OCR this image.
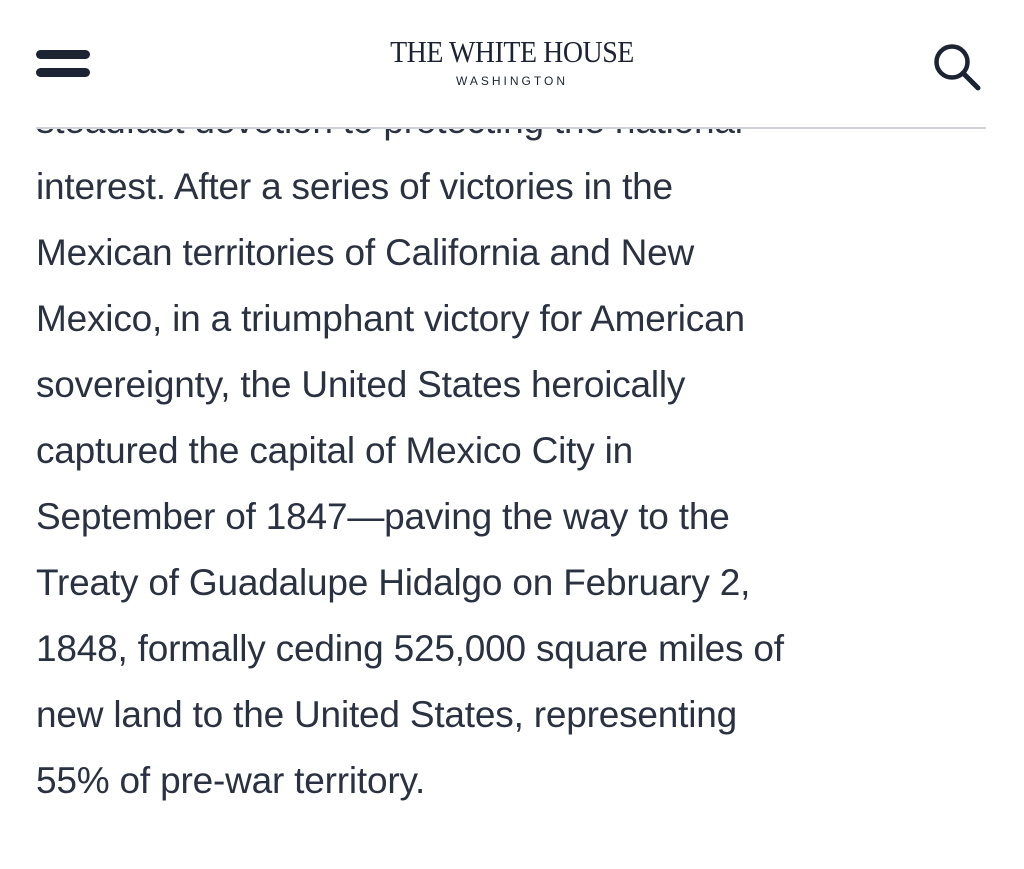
THE WHITE HOUSE
WASHINGTON
interest. After a series of victories in the
Mexican territories of California and New
Mexico, in a triumphant victory for American
sovereignty, the United States heroically
captured the capital of Mexico City in
September of 1847—paving the way to the
Treaty of Guadalupe Hidalgo on February 2,
1848, formally ceding 525,000 square miles of
new land to the United States, representing
55% of pre-war territory.
